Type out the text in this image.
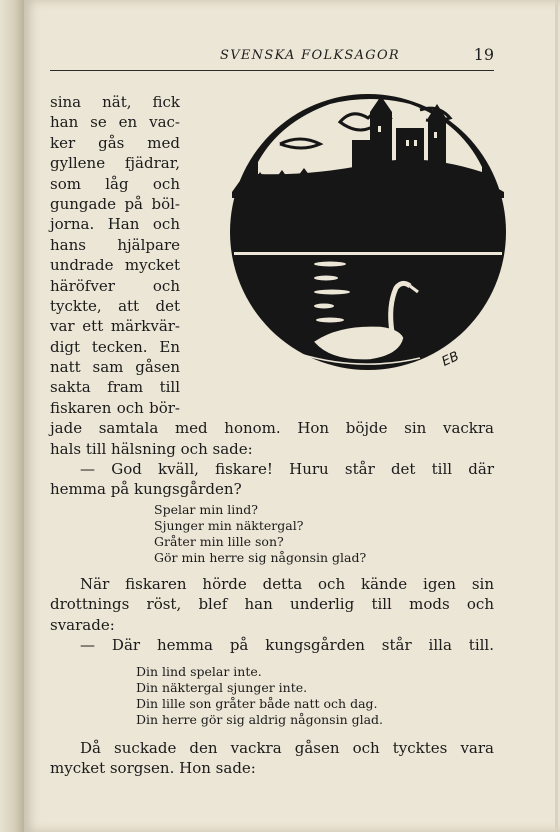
SVENSKA FOLKSAGOR	19
EB
sina nät, fick
han se en vac-
ker gås med
gyllene fjädrar,
som låg och
gungade på böl-
jorna. Han och
hans hjälpare
undrade mycket
häröfver och
tyckte, att det
var ett märkvär-
digt tecken. En
natt sam gåsen
sakta fram till
fiskaren och bör-
jade samtala med honom. Hon böjde sin vackra
hals till hälsning och sade:
— God kväll, fiskare! Huru står det till där
hemma på kungsgården?
Spelar min lind?
Sjunger min näktergal?
Gråter min lille son?
Gör min herre sig någonsin glad?
När fiskaren hörde detta och kände igen sin
drottnings röst, blef han underlig till mods och
svarade:
— Där hemma på kungsgården står illa till.
Din lind spelar inte.
Din näktergal sjunger inte.
Din lille son gråter både natt och dag.
Din herre gör sig aldrig någonsin glad.
Då suckade den vackra gåsen och tycktes vara
mycket sorgsen. Hon sade:
